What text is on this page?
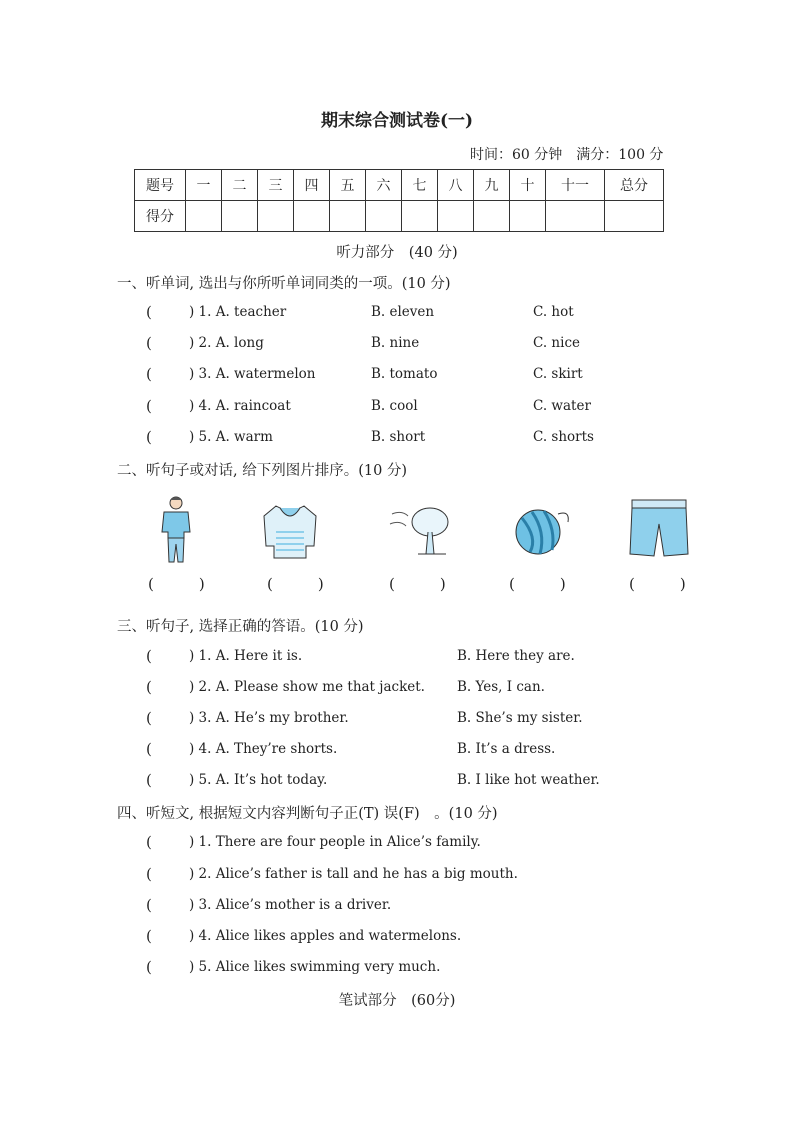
期末综合测试卷(一)
时间：60 分钟　满分：100 分
题号	一	二	三	四	五	六	七	八	九	十	十一	总分
得分												
听力部分　(40 分)
一、听单词, 选出与你所听单词同类的一项。(10 分)
(	) 1. A. teacher	B. eleven	C. hot
(	) 2. A. long	B. nine	C. nice
(	) 3. A. watermelon	B. tomato	C. skirt
(	) 4. A. raincoat	B. cool	C. water
(	) 5. A. warm	B. short	C. shorts
二、听句子或对话, 给下列图片排序。(10 分)
(　　　)	(　　　)	(　　　)	(　　　)	(　　　)
三、听句子, 选择正确的答语。(10 分)
(	) 1. A. Here it is.	B. Here they are.
(	) 2. A. Please show me that jacket. B. Yes, I can.
(	) 3. A. He’s my brother.	B. She’s my sister.
(	) 4. A. They’re shorts.	B. It’s a dress.
(	) 5. A. It’s hot today.	B. I like hot weather.
四、听短文, 根据短文内容判断句子正(T) 误(F)　。(10 分)
(	) 1. There are four people in Alice’s family.
(	) 2. Alice’s father is tall and he has a big mouth.
(	) 3. Alice’s mother is a driver.
(	) 4. Alice likes apples and watermelons.
(	) 5. Alice likes swimming very much.
笔试部分　(60分)
